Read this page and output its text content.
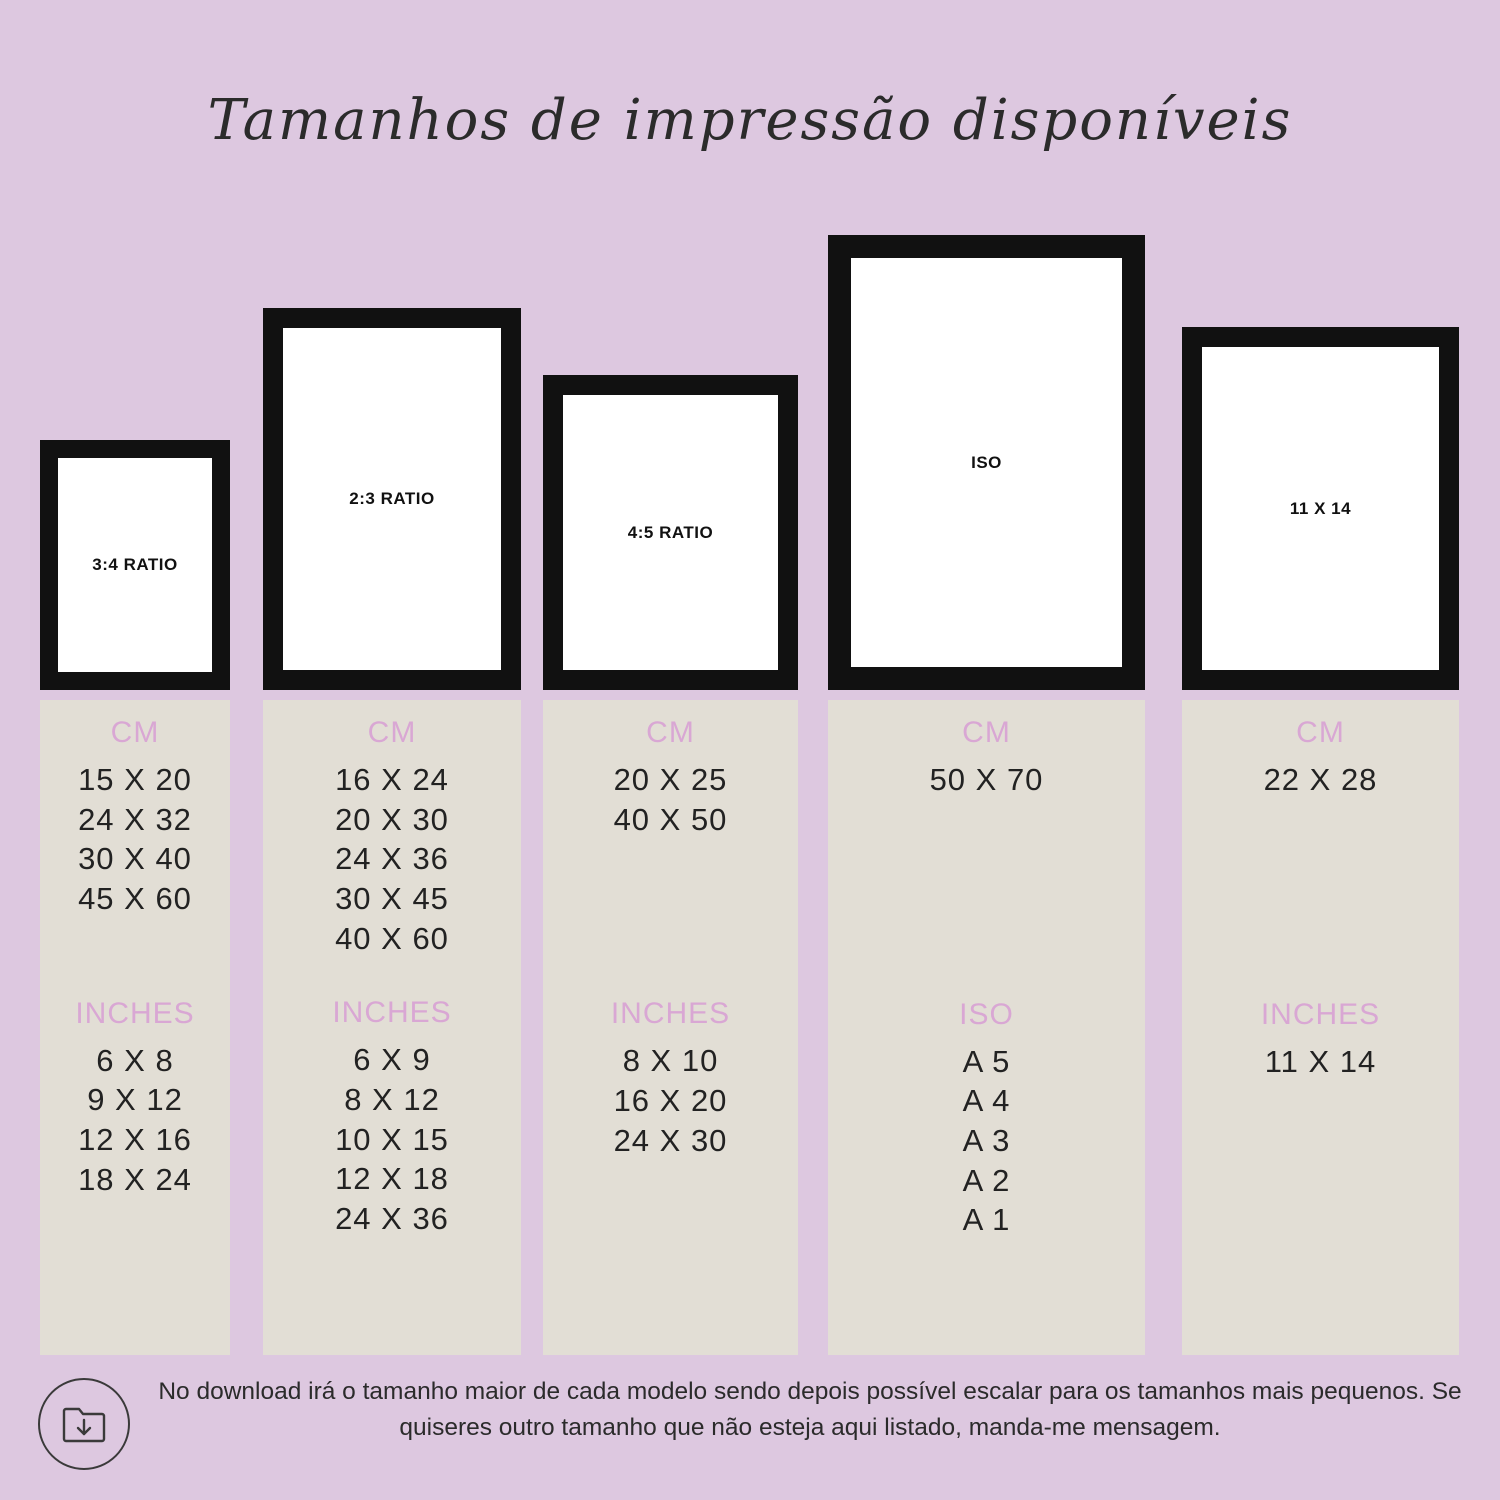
Tamanhos de impressão disponíveis
3:4 RATIO
2:3 RATIO
4:5 RATIO
ISO
11 X 14
CM
15 X 20
24 X 32
30 X 40
45 X 60
INCHES
6 X 8
9 X 12
12 X 16
18 X 24
CM
16 X 24
20 X 30
24 X 36
30 X 45
40 X 60
INCHES
6 X 9
8 X 12
10 X 15
12 X 18
24 X 36
CM
20 X 25
40 X 50
INCHES
8 X 10
16 X 20
24 X 30
CM
50 X 70
ISO
A 5
A 4
A 3
A 2
A 1
CM
22 X 28
INCHES
11 X 14
No download irá o tamanho maior de cada modelo sendo depois possível escalar para os tamanhos mais pequenos. Se quiseres outro tamanho que não esteja aqui listado, manda-me mensagem.
